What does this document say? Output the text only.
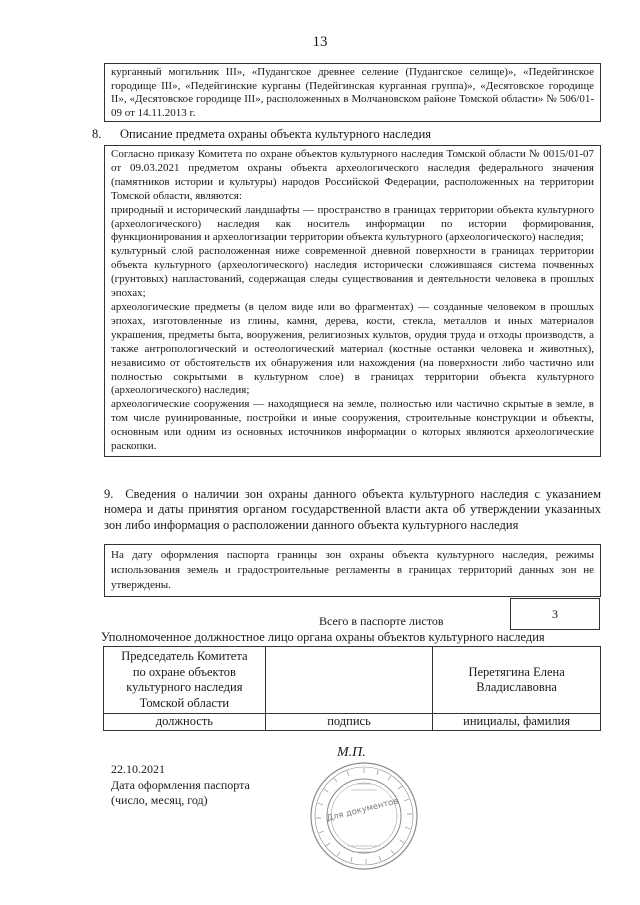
13

курганный могильник III», «Пудангское древнее селение (Пудангское селище)», «Педейгинское городище III», «Педейгинские курганы (Педейгинская курганная группа)», «Десятовское городище II», «Десятовское городище III», расположенных в Молчановском районе Томской области» № 506/01-09 от 14.11.2013 г.

8. Описание предмета охраны объекта культурного наследия

Согласно приказу Комитета по охране объектов культурного наследия Томской области № 0015/01-07 от 09.03.2021 предметом охраны объекта археологического наследия федерального значения (памятников истории и культуры) народов Российской Федерации, расположенных на территории Томской области, являются:

природный и исторический ландшафты — пространство в границах территории объекта культурного (археологического) наследия как носитель информации по истории формирования, функционирования и археологизации территории объекта культурного (археологического) наследия;

культурный слой расположенная ниже современной дневной поверхности в границах территории объекта культурного (археологического) наследия исторически сложившаяся система почвенных (грунтовых) напластований, содержащая следы существования и деятельности человека в прошлых эпохах;

археологические предметы (в целом виде или во фрагментах) — созданные человеком в прошлых эпохах, изготовленные из глины, камня, дерева, кости, стекла, металлов и иных материалов украшения, предметы быта, вооружения, религиозных культов, орудия труда и отходы производств, а также антропологический и остеологический материал (костные останки человека и животных), независимо от обстоятельств их обнаружения или нахождения (на поверхности либо частично или полностью сокрытыми в культурном слое) в границах территории объекта культурного (археологического) наследия;

археологические сооружения — находящиеся на земле, полностью или частично скрытые в земле, в том числе руинированные, постройки и иные сооружения, строительные конструкции и объекты, основным или одним из основных источников информации о которых являются археологические раскопки.

9. Сведения о наличии зон охраны данного объекта культурного наследия с указанием номера и даты принятия органом государственной власти акта об утверждении указанных зон либо информация о расположении данного объекта культурного наследия

На дату оформления паспорта границы зон охраны объекта культурного наследия, режимы использования земель и градостроительные регламенты в границах территорий данных зон не утверждены.

Всего в паспорте листов	3
Уполномоченное должностное лицо органа охраны объектов культурного наследия
Председатель Комитета по охране объектов культурного наследия Томской области		Перетягина Елена Владиславовна
должность	подпись	инициалы, фамилия
М.П.
22.10.2021
Дата оформления паспорта
(число, месяц, год)	Для документов
